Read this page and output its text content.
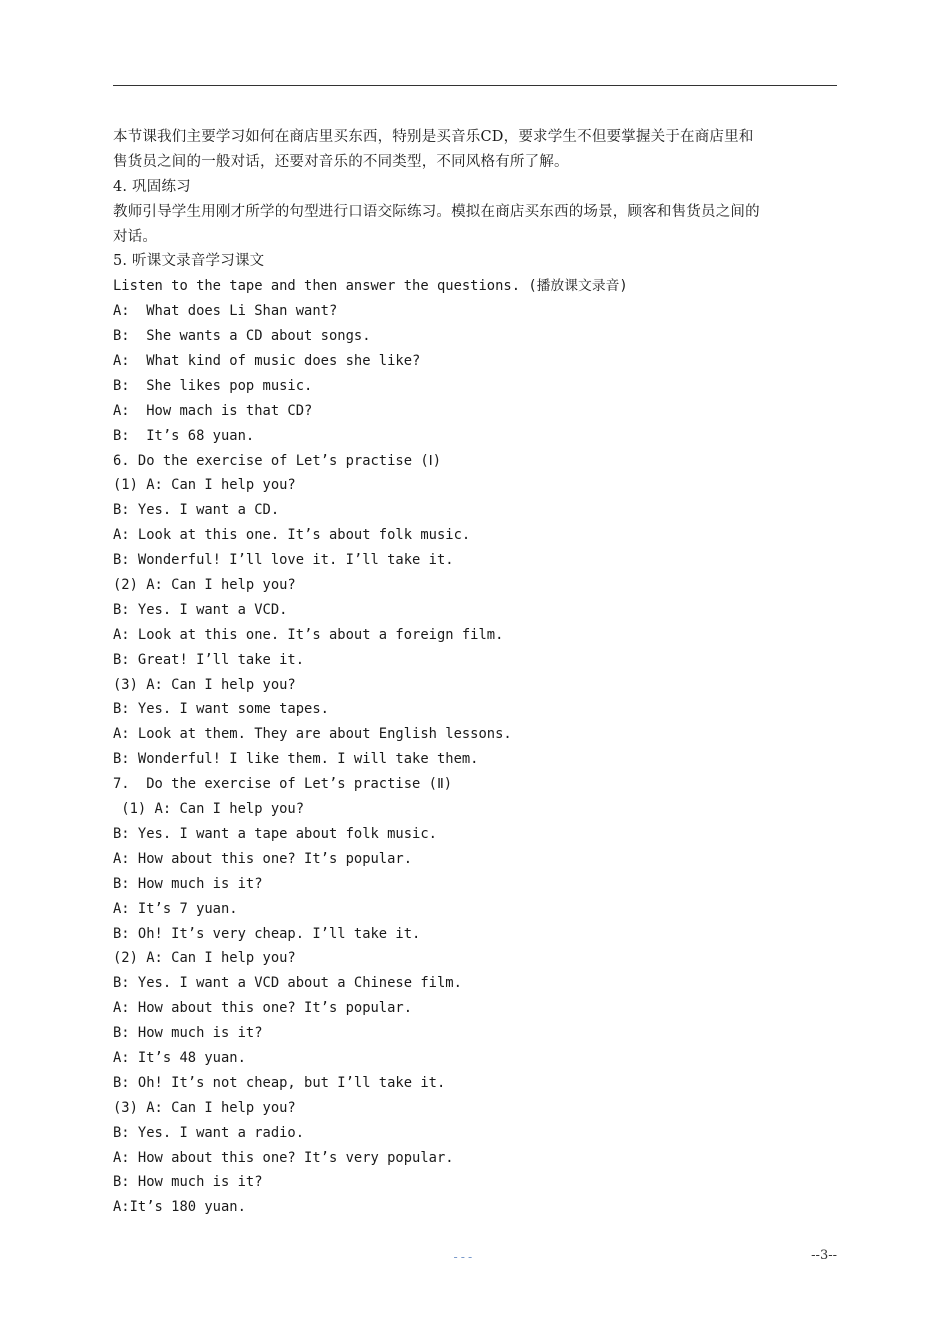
本节课我们主要学习如何在商店里买东西，特别是买音乐CD，要求学生不但要掌握关于在商店里和
售货员之间的一般对话，还要对音乐的不同类型，不同风格有所了解。
4. 巩固练习
教师引导学生用刚才所学的句型进行口语交际练习。模拟在商店买东西的场景，顾客和售货员之间的
对话。
5. 听课文录音学习课文
Listen to the tape and then answer the questions. (播放课文录音)
A:  What does Li Shan want?
B:  She wants a CD about songs.
A:  What kind of music does she like?
B:  She likes pop music.
A:  How mach is that CD?
B:  It’s 68 yuan.
6. Do the exercise of Let’s practise (Ⅰ)
(1) A: Can I help you?
B: Yes. I want a CD.
A: Look at this one. It’s about folk music.
B: Wonderful! I’ll love it. I’ll take it.
(2) A: Can I help you?
B: Yes. I want a VCD.
A: Look at this one. It’s about a foreign film.
B: Great! I’ll take it.
(3) A: Can I help you?
B: Yes. I want some tapes.
A: Look at them. They are about English lessons.
B: Wonderful! I like them. I will take them.
7.  Do the exercise of Let’s practise (Ⅱ)
(1) A: Can I help you?
B: Yes. I want a tape about folk music.
A: How about this one? It’s popular.
B: How much is it?
A: It’s 7 yuan.
B: Oh! It’s very cheap. I’ll take it.
(2) A: Can I help you?
B: Yes. I want a VCD about a Chinese film.
A: How about this one? It’s popular.
B: How much is it?
A: It’s 48 yuan.
B: Oh! It’s not cheap, but I’ll take it.
(3) A: Can I help you?
B: Yes. I want a radio.
A: How about this one? It’s very popular.
B: How much is it?
A:It’s 180 yuan.
---	--3--
